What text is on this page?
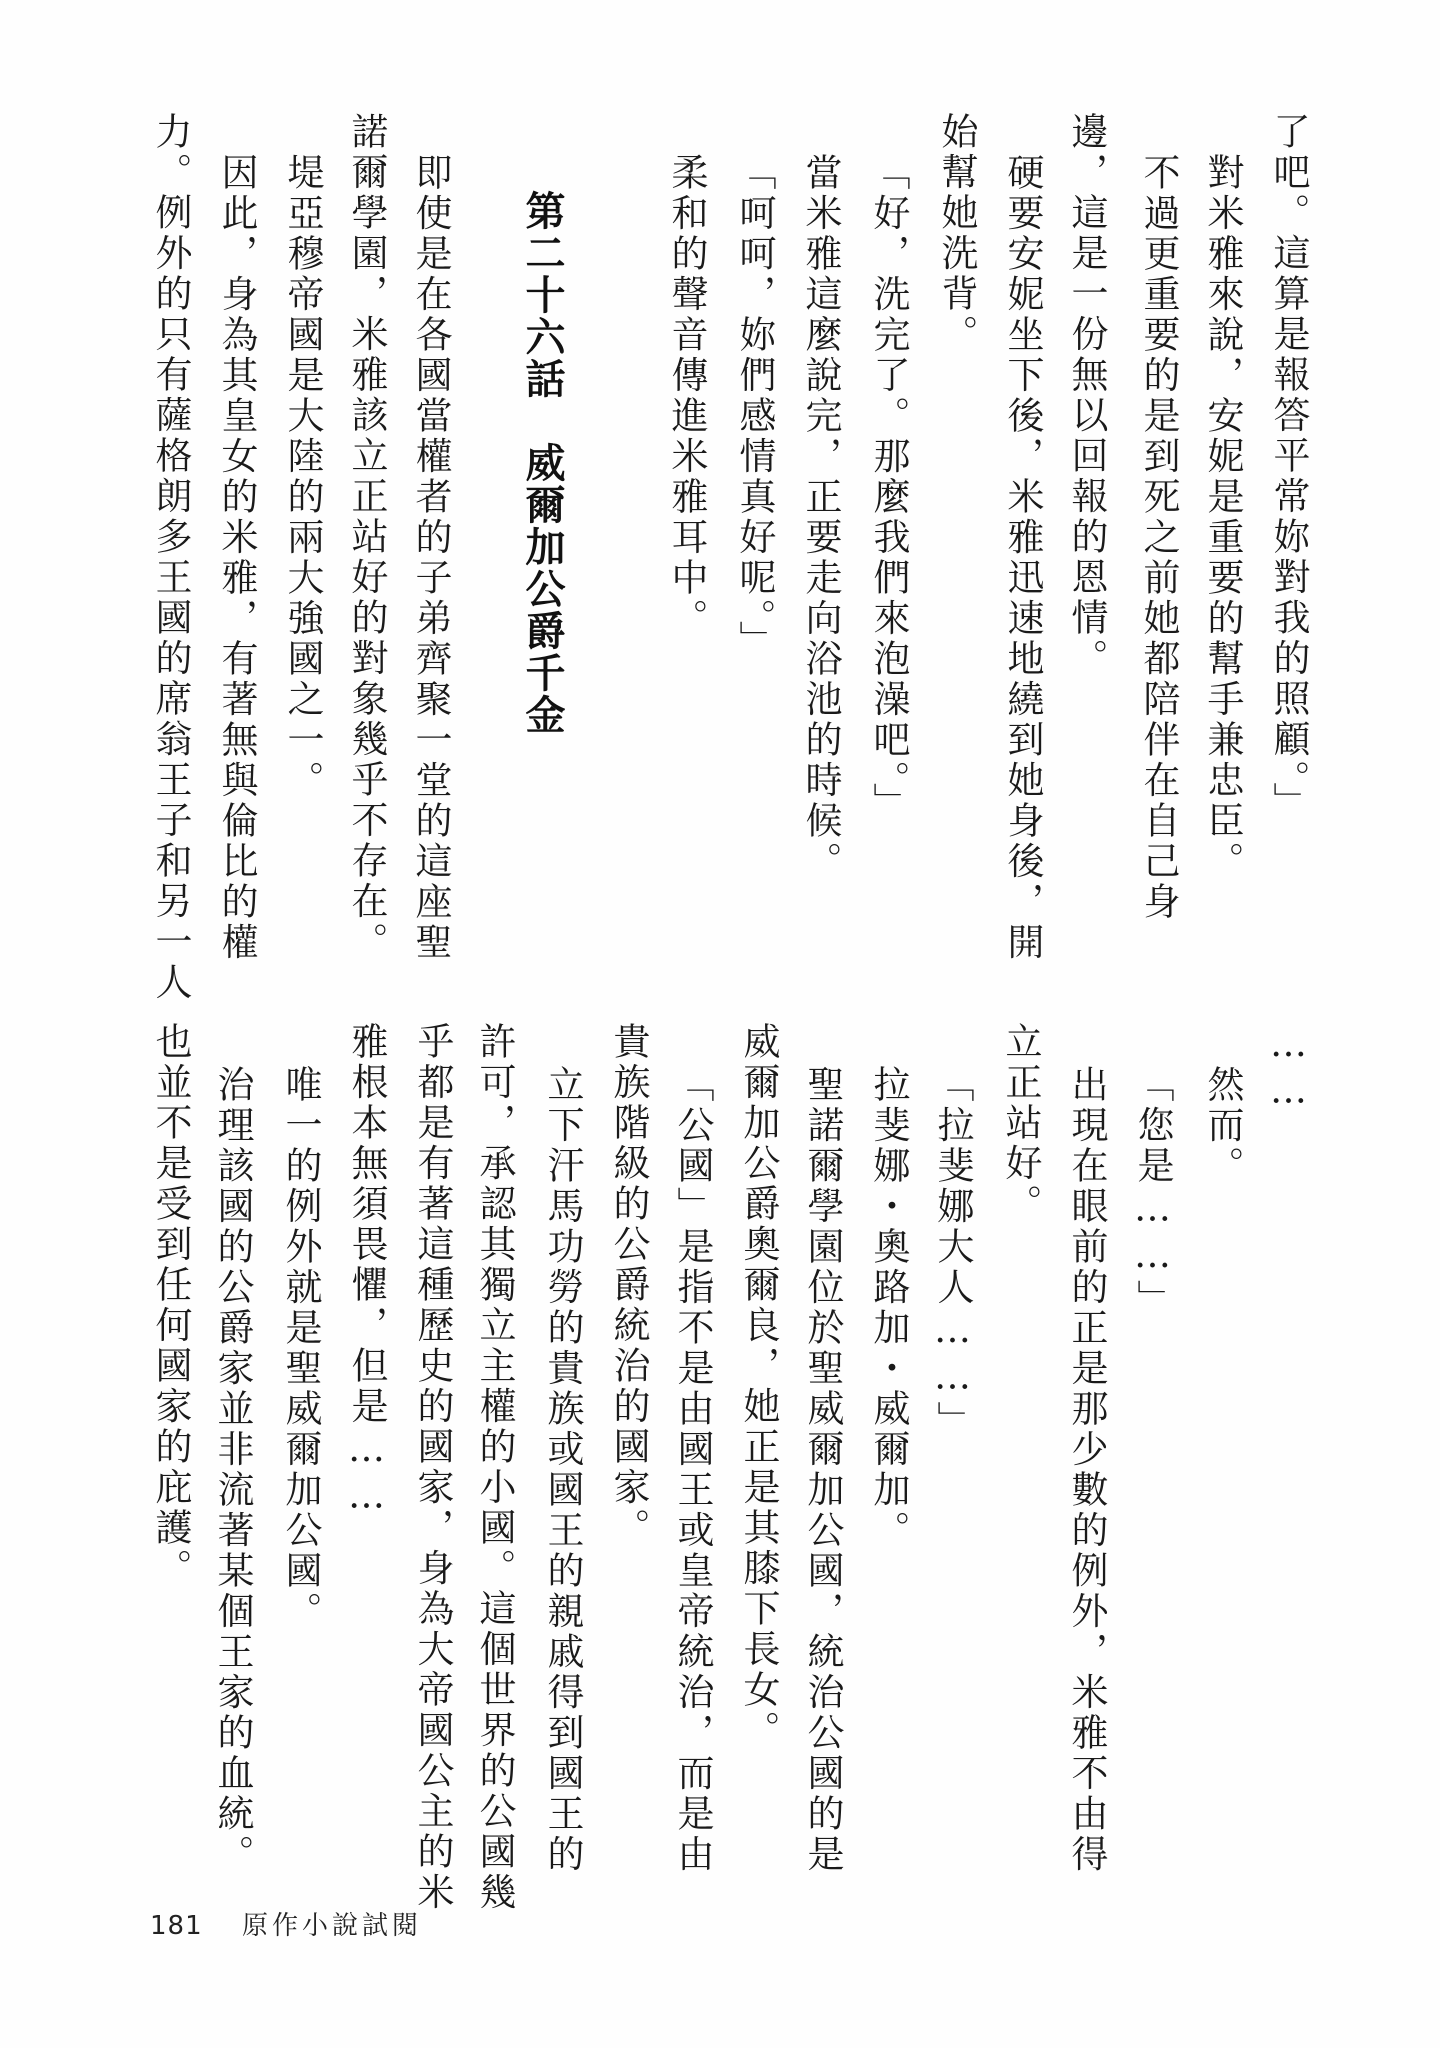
了吧。這算是報答平常妳對我的照顧。」
對米雅來說，安妮是重要的幫手兼忠臣。
不過更重要的是到死之前她都陪伴在自己身
邊，這是一份無以回報的恩情。
硬要安妮坐下後，米雅迅速地繞到她身後，開
始幫她洗背。
「好，洗完了。那麼我們來泡澡吧。」
當米雅這麼說完，正要走向浴池的時候。
「呵呵，妳們感情真好呢。」
柔和的聲音傳進米雅耳中。
第二十六話　威爾加公爵千金
即使是在各國當權者的子弟齊聚一堂的這座聖
諾爾學園，米雅該立正站好的對象幾乎不存在。
堤亞穆帝國是大陸的兩大強國之一。
因此，身為其皇女的米雅，有著無與倫比的權
力。例外的只有薩格朗多王國的席翁王子和另一人
……
然而。
「您是……」
出現在眼前的正是那少數的例外，米雅不由得
立正站好。
「拉斐娜大人……」
拉斐娜・奧路加・威爾加。
聖諾爾學園位於聖威爾加公國，統治公國的是
威爾加公爵奧爾良，她正是其膝下長女。
「公國」是指不是由國王或皇帝統治，而是由
貴族階級的公爵統治的國家。
立下汗馬功勞的貴族或國王的親戚得到國王的
許可，承認其獨立主權的小國。這個世界的公國幾
乎都是有著這種歷史的國家，身為大帝國公主的米
雅根本無須畏懼，但是……
唯一的例外就是聖威爾加公國。
治理該國的公爵家並非流著某個王家的血統。
也並不是受到任何國家的庇護。
181	原作小說試閱
